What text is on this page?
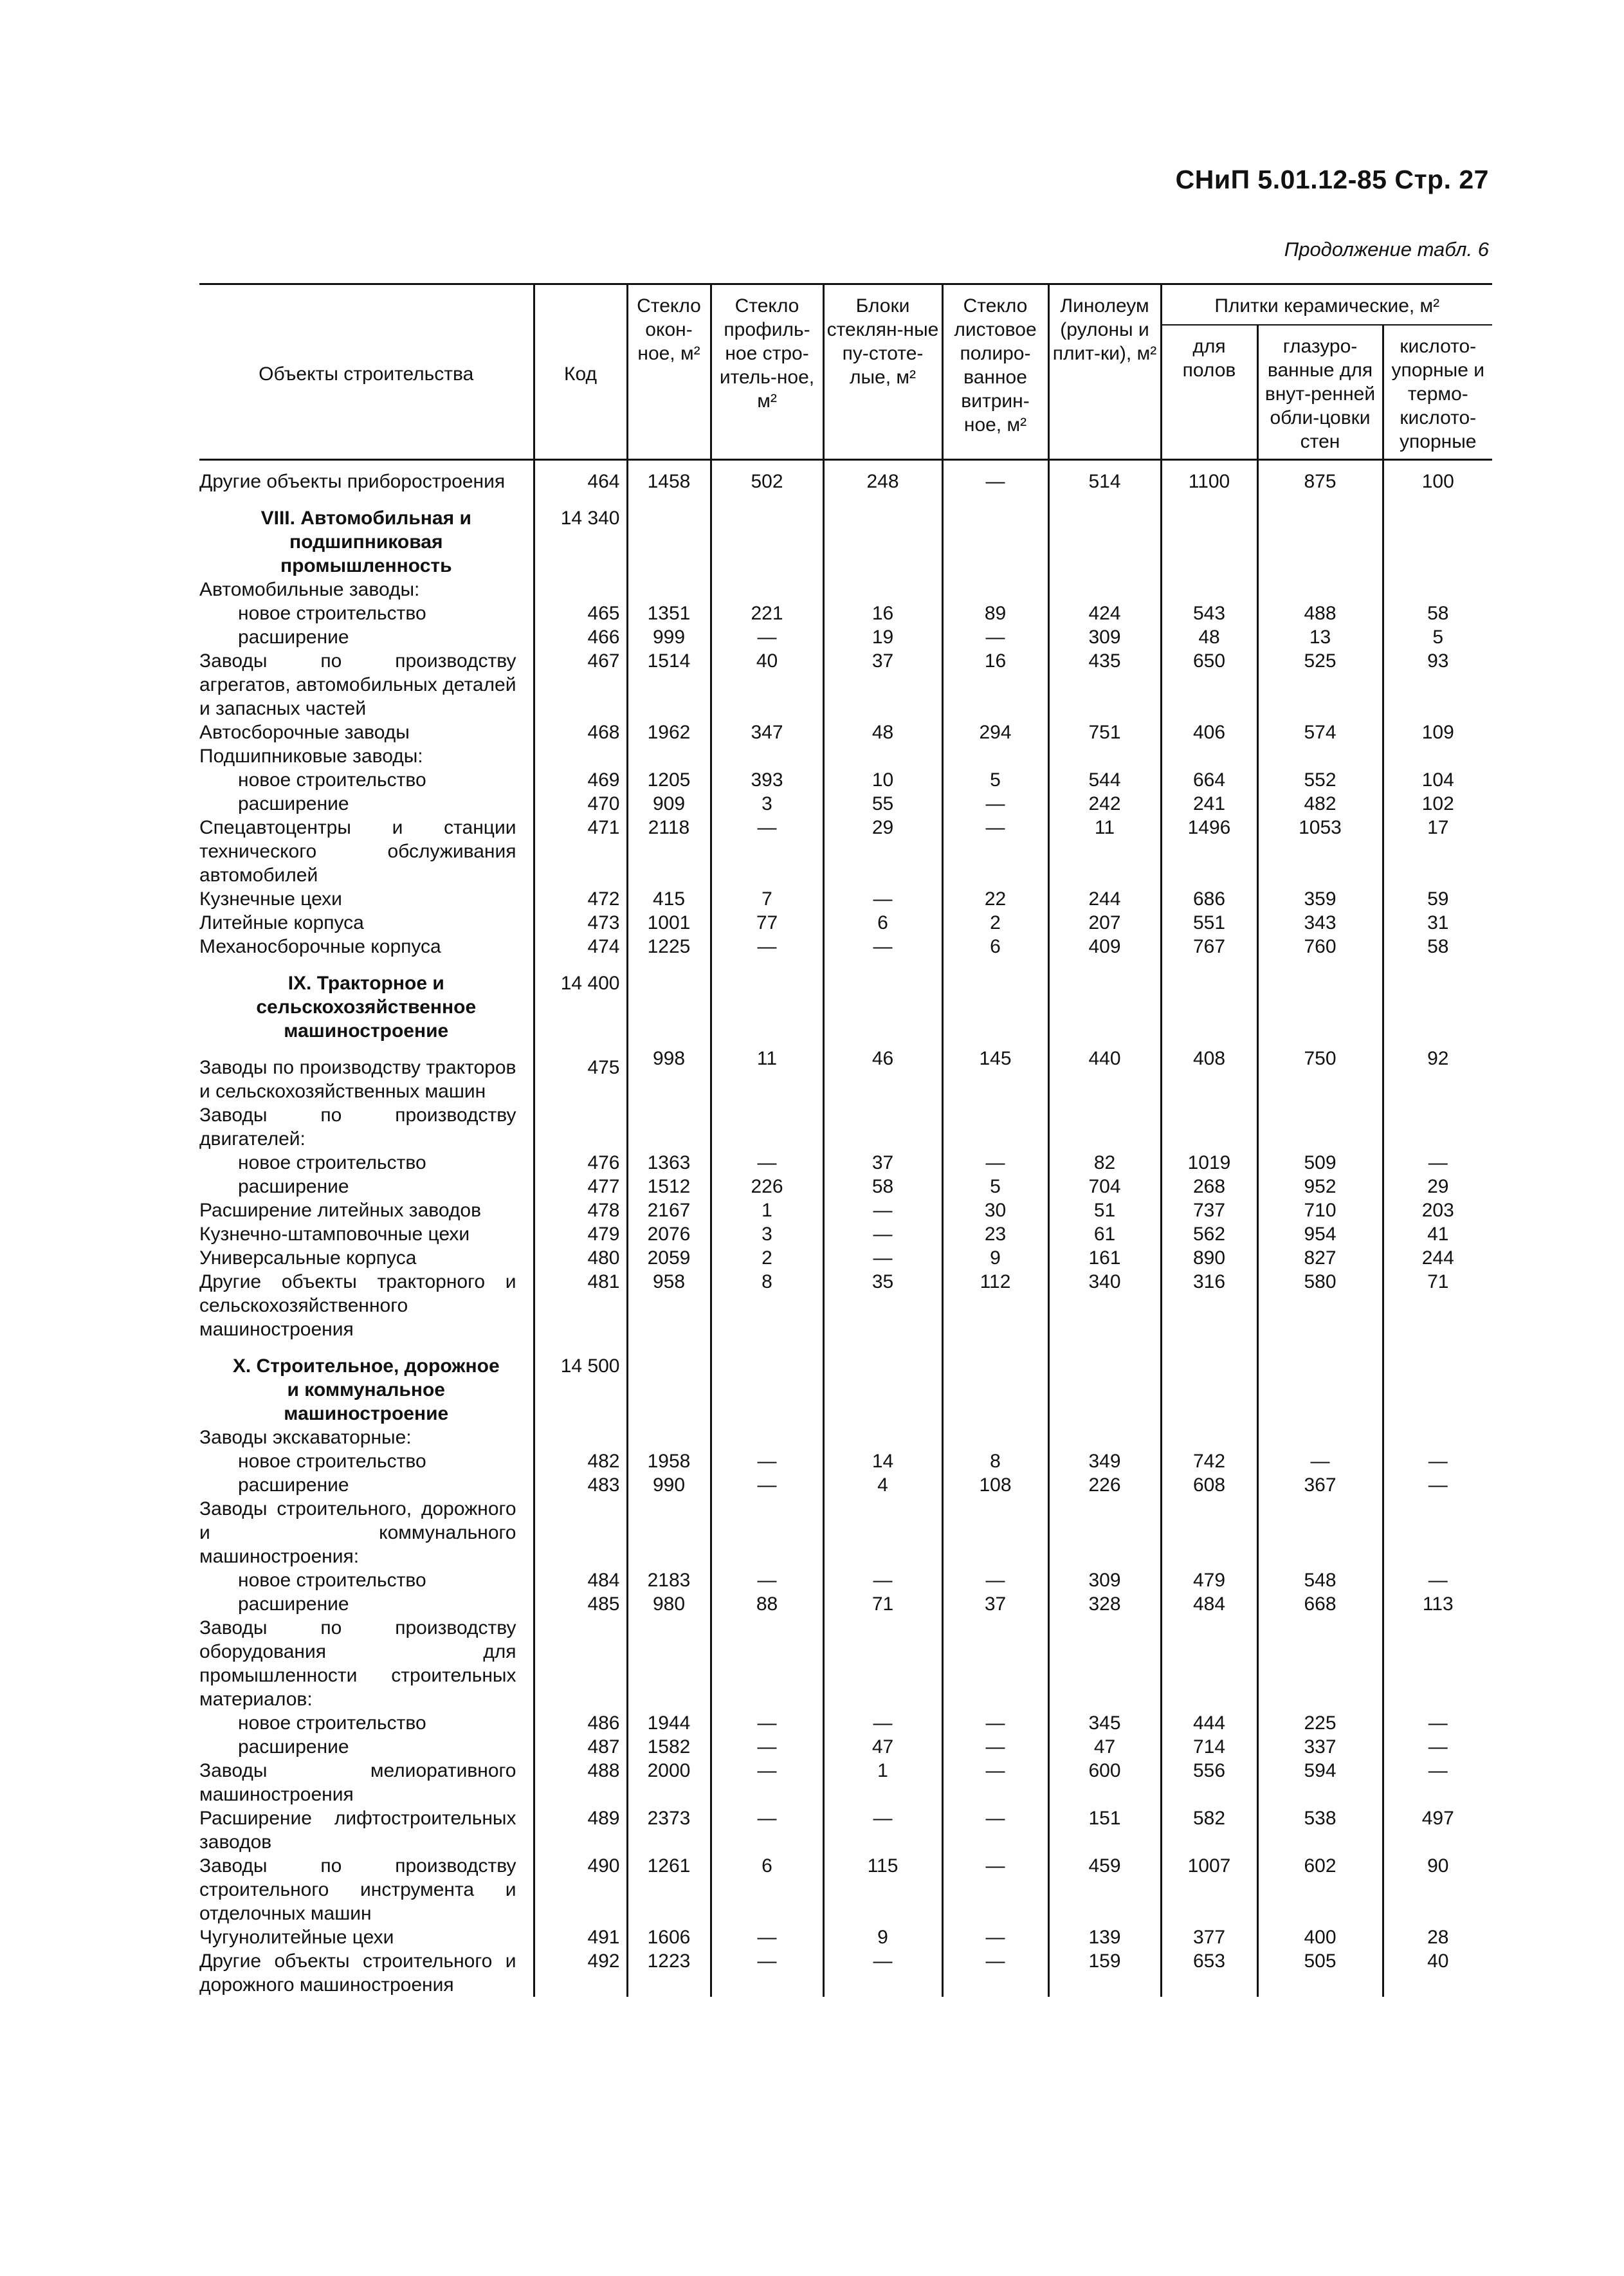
СНиП 5.01.12-85 Стр. 27
Продолжение табл. 6
Объекты строительства	Код	Стекло окон-ное, м²	Стекло профиль-ное стро-итель-ное, м²	Блоки стеклян-ные пу-стоте-лые, м²	Стекло листовое полиро-ванное витрин-ное, м²	Линолеум (рулоны и плит-ки), м²	Плитки керамические, м²		
							для полов	глазуро-ванные для внут-ренней обли-цовки стен	кислото-упорные и термо-кислото-упорные

Другие объекты приборостроения	464	1458	502	248	—	514	1100	875	100
VIII. Автомобильная и подшипниковая промышленность	14 340								
Автомобильные заводы:									
новое строительство	465	1351	221	16	89	424	543	488	58
расширение	466	999	—	19	—	309	48	13	5
Заводы по производству агрегатов, автомобильных деталей и запасных частей	467	1514	40	37	16	435	650	525	93
Автосборочные заводы	468	1962	347	48	294	751	406	574	109
Подшипниковые заводы:									
новое строительство	469	1205	393	10	5	544	664	552	104
расширение	470	909	3	55	—	242	241	482	102
Спецавтоцентры и станции технического обслуживания автомобилей	471	2118	—	29	—	11	1496	1053	17
Кузнечные цехи	472	415	7	—	22	244	686	359	59
Литейные корпуса	473	1001	77	6	2	207	551	343	31
Механосборочные корпуса	474	1225	—	—	6	409	767	760	58
IX. Тракторное и сельскохозяйственное машиностроение	14 400								
Заводы по производству тракторов и сельскохозяйственных машин	475	998	11	46	145	440	408	750	92
Заводы по производству двигателей:									
новое строительство	476	1363	—	37	—	82	1019	509	—
расширение	477	1512	226	58	5	704	268	952	29
Расширение литейных заводов	478	2167	1	—	30	51	737	710	203
Кузнечно-штамповочные цехи	479	2076	3	—	23	61	562	954	41
Универсальные корпуса	480	2059	2	—	9	161	890	827	244
Другие объекты тракторного и сельскохозяйственного машиностроения	481	958	8	35	112	340	316	580	71
X. Строительное, дорожное и коммунальное машиностроение	14 500								
Заводы экскаваторные:									
новое строительство	482	1958	—	14	8	349	742	—	—
расширение	483	990	—	4	108	226	608	367	—
Заводы строительного, дорожного и коммунального машиностроения:									
новое строительство	484	2183	—	—	—	309	479	548	—
расширение	485	980	88	71	37	328	484	668	113
Заводы по производству оборудования для промышленности строительных материалов:									
новое строительство	486	1944	—	—	—	345	444	225	—
расширение	487	1582	—	47	—	47	714	337	—
Заводы мелиоративного машиностроения	488	2000	—	1	—	600	556	594	—
Расширение лифтостроительных заводов	489	2373	—	—	—	151	582	538	497
Заводы по производству строительного инструмента и отделочных машин	490	1261	6	115	—	459	1007	602	90
Чугунолитейные цехи	491	1606	—	9	—	139	377	400	28
Другие объекты строительного и дорожного машиностроения	492	1223	—	—	—	159	653	505	40
